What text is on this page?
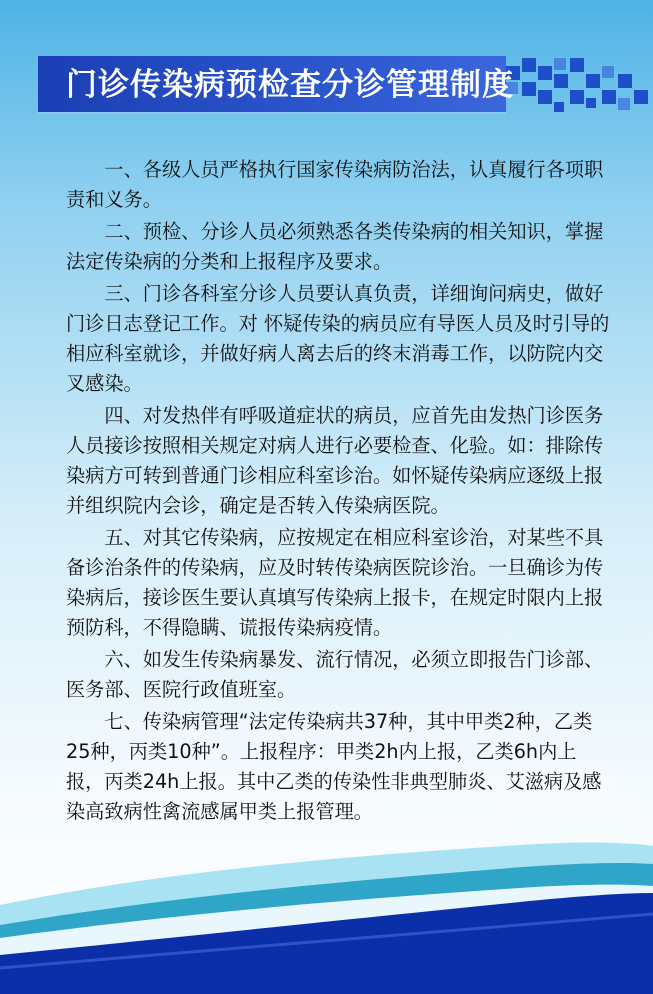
门诊传染病预检查分诊管理制度

一、各级人员严格执行国家传染病防治法，认真履行各项职责和义务。

二、预检、分诊人员必须熟悉各类传染病的相关知识，掌握法定传染病的分类和上报程序及要求。

三、门诊各科室分诊人员要认真负责，详细询问病史，做好门诊日志登记工作。对 怀疑传染的病员应有导医人员及时引导的相应科室就诊，并做好病人离去后的终末消毒工作，以防院内交叉感染。

四、对发热伴有呼吸道症状的病员，应首先由发热门诊医务人员接诊按照相关规定对病人进行必要检查、化验。如：排除传染病方可转到普通门诊相应科室诊治。如怀疑传染病应逐级上报并组织院内会诊，确定是否转入传染病医院。

五、对其它传染病，应按规定在相应科室诊治，对某些不具备诊治条件的传染病，应及时转传染病医院诊治。一旦确诊为传染病后，接诊医生要认真填写传染病上报卡，在规定时限内上报预防科，不得隐瞒、谎报传染病疫情。

六、如发生传染病暴发、流行情况，必须立即报告门诊部、医务部、医院行政值班室。

七、传染病管理“法定传染病共37种，其中甲类2种，乙类25种，丙类10种”。上报程序：甲类2h内上报，乙类6h内上报，丙类24h上报。其中乙类的传染性非典型肺炎、艾滋病及感染高致病性禽流感属甲类上报管理。
